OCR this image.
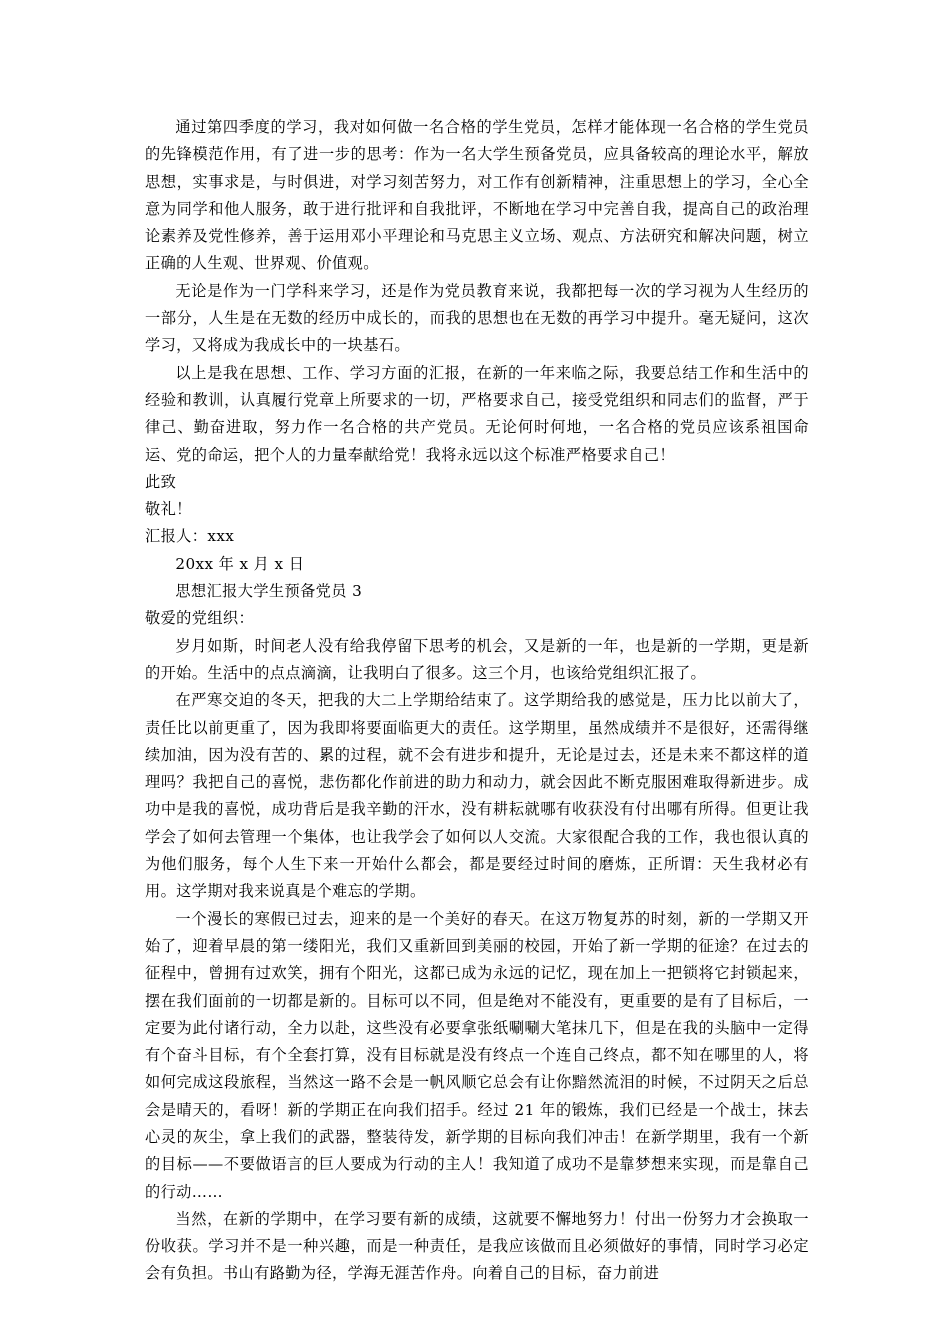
通过第四季度的学习，我对如何做一名合格的学生党员，怎样才能体现一名合格的学生党员的先锋模范作用，有了进一步的思考：作为一名大学生预备党员，应具备较高的理论水平，解放思想，实事求是，与时俱进，对学习刻苦努力，对工作有创新精神，注重思想上的学习，全心全意为同学和他人服务，敢于进行批评和自我批评，不断地在学习中完善自我，提高自己的政治理论素养及党性修养，善于运用邓小平理论和马克思主义立场、观点、方法研究和解决问题，树立正确的人生观、世界观、价值观。

无论是作为一门学科来学习，还是作为党员教育来说，我都把每一次的学习视为人生经历的一部分，人生是在无数的经历中成长的，而我的思想也在无数的再学习中提升。毫无疑问，这次学习，又将成为我成长中的一块基石。

以上是我在思想、工作、学习方面的汇报，在新的一年来临之际，我要总结工作和生活中的经验和教训，认真履行党章上所要求的一切，严格要求自己，接受党组织和同志们的监督，严于律己、勤奋进取，努力作一名合格的共产党员。无论何时何地，一名合格的党员应该系祖国命运、党的命运，把个人的力量奉献给党！我将永远以这个标准严格要求自己！

此致

敬礼！

汇报人：xxx

20xx 年 x 月 x 日

思想汇报大学生预备党员 3

敬爱的党组织：

岁月如斯，时间老人没有给我停留下思考的机会，又是新的一年，也是新的一学期，更是新的开始。生活中的点点滴滴，让我明白了很多。这三个月，也该给党组织汇报了。

在严寒交迫的冬天，把我的大二上学期给结束了。这学期给我的感觉是，压力比以前大了，责任比以前更重了，因为我即将要面临更大的责任。这学期里，虽然成绩并不是很好，还需得继续加油，因为没有苦的、累的过程，就不会有进步和提升，无论是过去，还是未来不都这样的道理吗？我把自己的喜悦，悲伤都化作前进的助力和动力，就会因此不断克服困难取得新进步。成功中是我的喜悦，成功背后是我辛勤的汗水，没有耕耘就哪有收获没有付出哪有所得。但更让我学会了如何去管理一个集体，也让我学会了如何以人交流。大家很配合我的工作，我也很认真的为他们服务，每个人生下来一开始什么都会，都是要经过时间的磨炼，正所谓：天生我材必有用。这学期对我来说真是个难忘的学期。

一个漫长的寒假已过去，迎来的是一个美好的春天。在这万物复苏的时刻，新的一学期又开始了，迎着早晨的第一缕阳光，我们又重新回到美丽的校园，开始了新一学期的征途？在过去的征程中，曾拥有过欢笑，拥有个阳光，这都已成为永远的记忆，现在加上一把锁将它封锁起来，摆在我们面前的一切都是新的。目标可以不同，但是绝对不能没有，更重要的是有了目标后，一定要为此付诸行动，全力以赴，这些没有必要拿张纸唰唰大笔抹几下，但是在我的头脑中一定得有个奋斗目标，有个全套打算，没有目标就是没有终点一个连自己终点，都不知在哪里的人，将如何完成这段旅程，当然这一路不会是一帆风顺它总会有让你黯然流泪的时候，不过阴天之后总会是晴天的，看呀！新的学期正在向我们招手。经过 21 年的锻炼，我们已经是一个战士，抹去心灵的灰尘，拿上我们的武器，整装待发，新学期的目标向我们冲击！在新学期里，我有一个新的目标——不要做语言的巨人要成为行动的主人！我知道了成功不是靠梦想来实现，而是靠自己的行动……

当然，在新的学期中，在学习要有新的成绩，这就要不懈地努力！付出一份努力才会换取一份收获。学习并不是一种兴趣，而是一种责任，是我应该做而且必须做好的事情，同时学习必定会有负担。书山有路勤为径，学海无涯苦作舟。向着自己的目标，奋力前进
